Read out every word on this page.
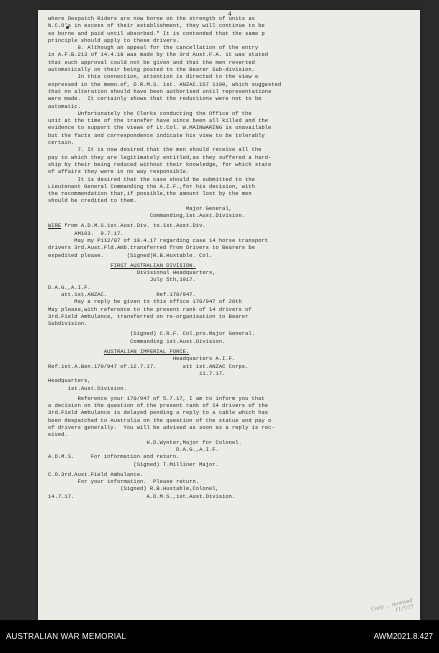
4
where Despatch Riders are now borne on the strength of units as
N.C.O's in excess of their establishment, they will continue to be
so borne and paid until absorbed." It is contended that the same p
principle should apply to these drivers.
8. Although an appeal for the cancellation of the entry
in A.F.B.213 of 14.4.18 was made by the 3rd Aust.F.A. it was stated
that such approval could not be given and that the men reverted
automatically on their being posted to the Bearer Sub-division.
In this connection, attention is directed to the view e
expressed in the memo.of, D.R.M.S. 1st. ANZAC.1S7 1190, which suggested
that no alteration should have been authorised until representations
were made.  It certainly shows that the reductions were not to be
automatic.
Unfortunately the Clerks conducting the Office of the
unit at the time of the transfer have since been all killed and the
evidence to support the views of Lt.Col. W.MAINWARING is unavailable
but the facts and correspondence indicate his view to be tolerably
certain.
7. It is now desired that the men should receive all the
pay to which they are legitimately entitled,as they suffered a hard-
ship by their being reduced without their knowledge, for which state
of affairs they were in no way responsible.
It is desired that the case should be submitted to the
Lieutenant General Commanding the A.I.F.,for his decision, with
the recommendation that,if possible,the amount lost by the men
should be credited to them.
Major General,
Commanding,1st.Aust.Division.
WIRE from A.D.M.S.1st.Aust.Div. to.1st.Aust.Div.
AM103.  9.7.17.
May my P112/87 of 19.4.17 regarding case 14 horse transport
drivers 3rd.Aust.Fld.Amb.transferred from Drivers to Bearers be
expedited please.       (Signed)R.B.Huxtable. Col.
FIRST AUSTRALIAN DIVISION.
Divisional Headquarters,
July 5th,1917.
D.A.G.,A.I.F.
att.1st.ANZAC.               Ref.170/947.
May a reply be given to this office 170/947 of 28th
May please,with reference to the present rank of 14 drivers of
3rd.Field Ambulance, transferred on re-organisation to Bearer
Subdivision.
(Signed) C.R.F. Col.pro.Major General.
Commanding 1st.Aust.Division.
AUSTRALIAN IMPERIAL FORCE.
Headquarters A.I.F.
Ref.1st.A.Ben.170/947 of.12.7.17.        att 1st.ANZAC Corps.
11.7.17.
Headquarters,
1st.Aust.Division.
Reference your 170/947 of 5.7.17, I am to inform you that
a decision on the question of the present rank of 14 drivers of the
3rd.Field Ambulance is delayed pending a reply to a cable which has
been despatched to Australia on the question of the status and pay o
of drivers generally.  You will be advised as soon as a reply is rec-
eived.
H.D.Wynter,Major for Colonel.
D.A.G.,A.I.F.
A.D.M.S.     For information and return.
(Signed) T.Milliner Major.
C.O.3rd.Aust.Field Ambulance.
For your information.  Please return.
(Signed) R.B.Huxtable,Colonel,
14.7.17.                      A.D.M.S.,1st.Aust.Division.
Copy ... received 11/7/17
AUSTRALIAN WAR MEMORIAL	AWM2021.8.427
